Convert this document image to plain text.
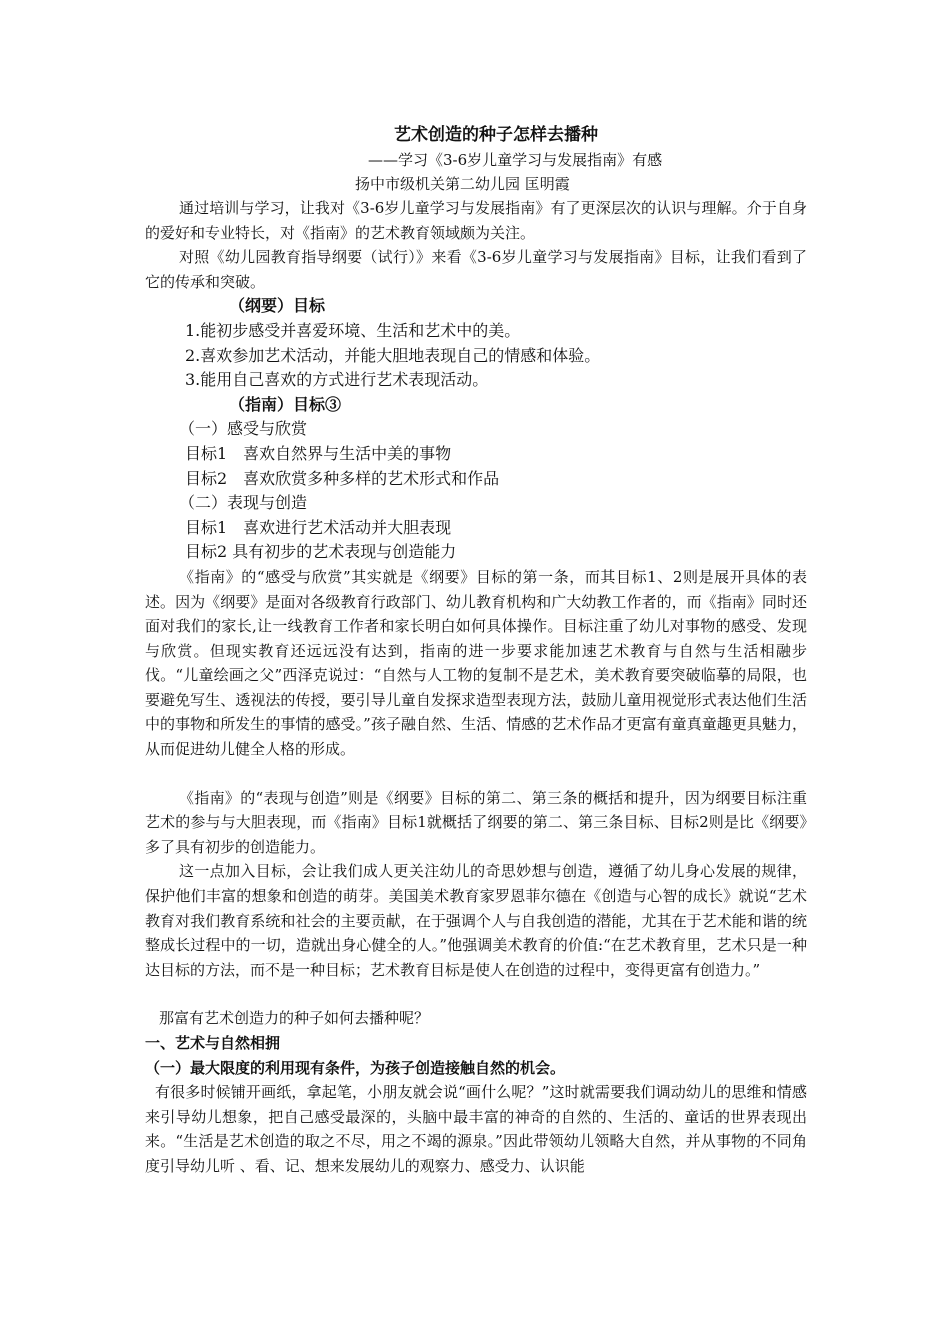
艺术创造的种子怎样去播种
——学习《3-6岁儿童学习与发展指南》有感
扬中市级机关第二幼儿园 匡明霞

通过培训与学习，让我对《3-6岁儿童学习与发展指南》有了更深层次的认识与理解。介于自身的爱好和专业特长，对《指南》的艺术教育领域颇为关注。

对照《幼儿园教育指导纲要（试行）》来看《3-6岁儿童学习与发展指南》目标，让我们看到了它的传承和突破。

（纲要）目标

1.能初步感受并喜爱环境、生活和艺术中的美。

2.喜欢参加艺术活动，并能大胆地表现自己的情感和体验。

3.能用自己喜欢的方式进行艺术表现活动。

（指南）目标③

（一）感受与欣赏

目标1　喜欢自然界与生活中美的事物

目标2　喜欢欣赏多种多样的艺术形式和作品

（二）表现与创造

目标1　喜欢进行艺术活动并大胆表现

目标2 具有初步的艺术表现与创造能力

《指南》的“感受与欣赏”其实就是《纲要》目标的第一条，而其目标1、2则是展开具体的表述。因为《纲要》是面对各级教育行政部门、幼儿教育机构和广大幼教工作者的，而《指南》同时还面对我们的家长,让一线教育工作者和家长明白如何具体操作。目标注重了幼儿对事物的感受、发现与欣赏。但现实教育还远远没有达到，指南的进一步要求能加速艺术教育与自然与生活相融步伐。“儿童绘画之父”西泽克说过：“自然与人工物的复制不是艺术，美术教育要突破临摹的局限，也要避免写生、透视法的传授，要引导儿童自发探求造型表现方法，鼓励儿童用视觉形式表达他们生活中的事物和所发生的事情的感受。”孩子融自然、生活、情感的艺术作品才更富有童真童趣更具魅力，从而促进幼儿健全人格的形成。

《指南》的“表现与创造”则是《纲要》目标的第二、第三条的概括和提升，因为纲要目标注重艺术的参与与大胆表现，而《指南》目标1就概括了纲要的第二、第三条目标、目标2则是比《纲要》多了具有初步的创造能力。

这一点加入目标，会让我们成人更关注幼儿的奇思妙想与创造，遵循了幼儿身心发展的规律，保护他们丰富的想象和创造的萌芽。美国美术教育家罗恩菲尔德在《创造与心智的成长》就说“艺术教育对我们教育系统和社会的主要贡献，在于强调个人与自我创造的潜能，尤其在于艺术能和谐的统整成长过程中的一切，造就出身心健全的人。”他强调美术教育的价值:“在艺术教育里，艺术只是一种达目标的方法，而不是一种目标；艺术教育目标是使人在创造的过程中，变得更富有创造力。”

那富有艺术创造力的种子如何去播种呢？

一、艺术与自然相拥

（一）最大限度的利用现有条件，为孩子创造接触自然的机会。

有很多时候铺开画纸，拿起笔，小朋友就会说“画什么呢？”这时就需要我们调动幼儿的思维和情感来引导幼儿想象，把自己感受最深的，头脑中最丰富的神奇的自然的、生活的、童话的世界表现出来。“生活是艺术创造的取之不尽，用之不竭的源泉。”因此带领幼儿领略大自然，并从事物的不同角度引导幼儿听 、看、记、想来发展幼儿的观察力、感受力、认识能
